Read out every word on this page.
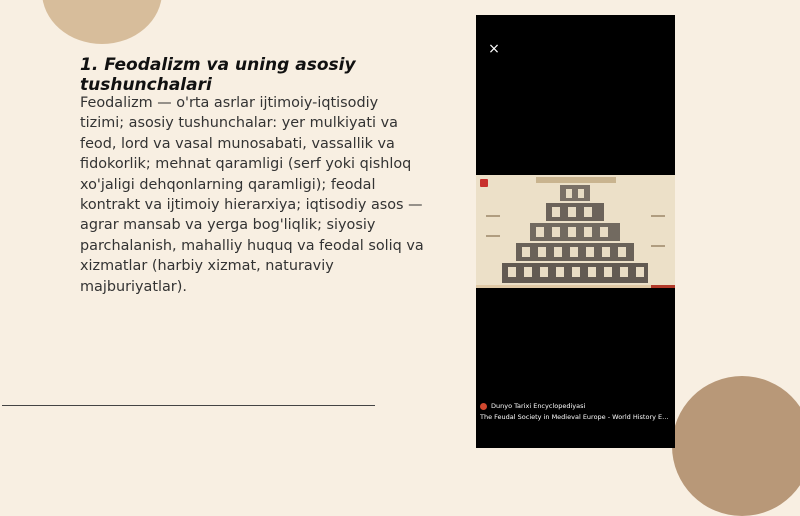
1. Feodalizm va uning asosiy tushunchalari

Feodalizm — o'rta asrlar ijtimoiy-iqtisodiy tizimi; asosiy tushunchalar: yer mulkiyati va feod, lord va vasal munosabati, vassallik va fidokorlik; mehnat qaramligi (serf yoki qishloq xo'jaligi dehqonlarning qaramligi); feodal kontrakt va ijtimoiy hierarxiya; iqtisodiy asos — agrar mansab va yerga bog'liqlik; siyosiy parchalanish, mahalliy huquq va feodal soliq va xizmatlar (harbiy xizmat, naturaviy majburiyatlar).

×
Dunyo Tarixi Encyclopediyasi
The Feudal Society in Medieval Europe - World History En...
